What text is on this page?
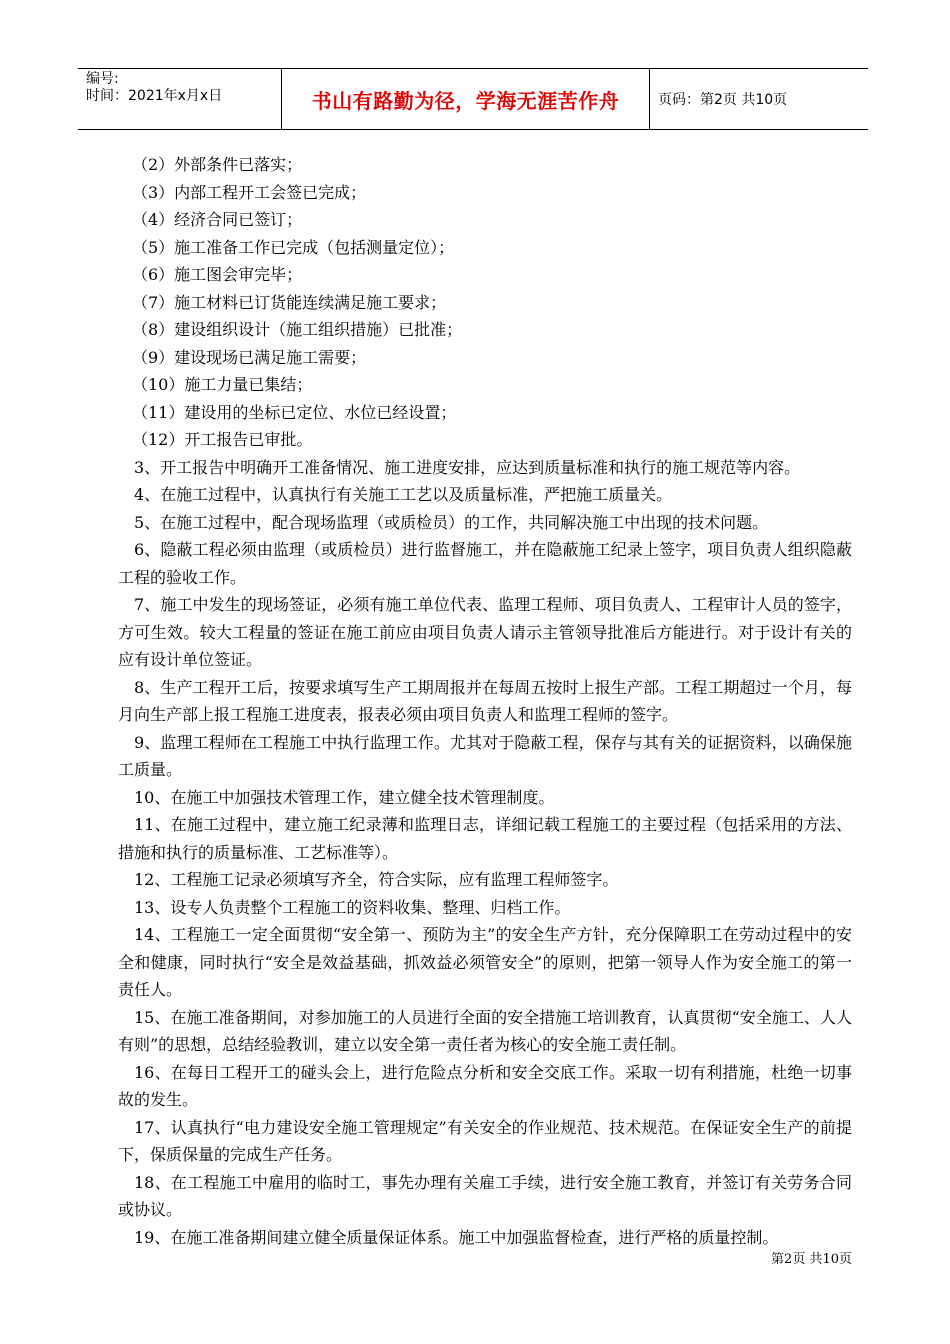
编号:
时间：2021年x月x日	书山有路勤为径，学海无涯苦作舟	页码：第2页 共10页
（2）外部条件已落实；
（3）内部工程开工会签已完成；
（4）经济合同已签订；
（5）施工准备工作已完成（包括测量定位）；
（6）施工图会审完毕；
（7）施工材料已订货能连续满足施工要求；
（8）建设组织设计（施工组织措施）已批准；
（9）建设现场已满足施工需要；
（10）施工力量已集结；
（11）建设用的坐标已定位、水位已经设置；
（12）开工报告已审批。
3、开工报告中明确开工准备情况、施工进度安排，应达到质量标准和执行的施工规范等内容。
4、在施工过程中，认真执行有关施工工艺以及质量标准，严把施工质量关。
5、在施工过程中，配合现场监理（或质检员）的工作，共同解决施工中出现的技术问题。
6、隐蔽工程必须由监理（或质检员）进行监督施工，并在隐蔽施工纪录上签字，项目负责人组织隐蔽工程的验收工作。
7、施工中发生的现场签证，必须有施工单位代表、监理工程师、项目负责人、工程审计人员的签字，方可生效。较大工程量的签证在施工前应由项目负责人请示主管领导批准后方能进行。对于设计有关的应有设计单位签证。
8、生产工程开工后，按要求填写生产工期周报并在每周五按时上报生产部。工程工期超过一个月，每月向生产部上报工程施工进度表，报表必须由项目负责人和监理工程师的签字。
9、监理工程师在工程施工中执行监理工作。尤其对于隐蔽工程，保存与其有关的证据资料，以确保施工质量。
10、在施工中加强技术管理工作，建立健全技术管理制度。
11、在施工过程中，建立施工纪录薄和监理日志，详细记载工程施工的主要过程（包括采用的方法、措施和执行的质量标准、工艺标准等）。
12、工程施工记录必须填写齐全，符合实际，应有监理工程师签字。
13、设专人负责整个工程施工的资料收集、整理、归档工作。
14、工程施工一定全面贯彻“安全第一、预防为主”的安全生产方针，充分保障职工在劳动过程中的安全和健康，同时执行“安全是效益基础，抓效益必须管安全”的原则，把第一领导人作为安全施工的第一责任人。
15、在施工准备期间，对参加施工的人员进行全面的安全措施工培训教育，认真贯彻“安全施工、人人有则”的思想，总结经验教训，建立以安全第一责任者为核心的安全施工责任制。
16、在每日工程开工的碰头会上，进行危险点分析和安全交底工作。采取一切有利措施，杜绝一切事故的发生。
17、认真执行“电力建设安全施工管理规定”有关安全的作业规范、技术规范。在保证安全生产的前提下，保质保量的完成生产任务。
18、在工程施工中雇用的临时工，事先办理有关雇工手续，进行安全施工教育，并签订有关劳务合同或协议。
19、在施工准备期间建立健全质量保证体系。施工中加强监督检查，进行严格的质量控制。
第2页 共10页
